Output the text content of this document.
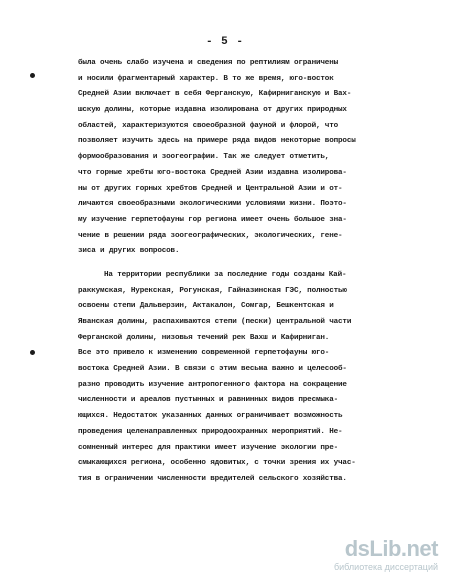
- 5 -
была очень слабо изучена и сведения по рептилиям ограничены
и носили фрагментарный характер. В то же время, юго-восток
Средней Азии включает в себя Ферганскую, Кафирниганскую и Вах-
шскую долины, которые издавна изолирована от других природных
областей, характеризуются своеобразной фауной и флорой, что
позволяет изучить здесь на примере ряда видов некоторые вопросы
формообразования и зоогеографии. Так же следует отметить,
что горные хребты юго-востока Средней Азии издавна изолирова-
ны от других горных хребтов Средней и Центральной Азии и от-
личаются своеобразными экологическими условиями жизни. Поэто-
му изучение герпетофауны гор региона имеет очень большое зна-
чение в решении ряда зоогеографических, экологических, гене-
зиса и других вопросов.
На территории республики за последние годы созданы Кай-
раккумская, Нурекская, Рогунская, Гайназинская ГЭС, полностью
освоены степи Дальверзин, Актакалон, Сомгар, Бешкентская и
Яванская долины, распахиваются степи (пески) центральной части
Ферганской долины, низовья течений рек Вахш и Кафирниган.
Все это привело к изменению современной герпетофауны юго-
востока Средней Азии. В связи с этим весьма важно и целесооб-
разно проводить изучение антропогенного фактора на сокращение
численности и ареалов пустынных и равнинных видов пресмыка-
ющихся. Недостаток указанных данных ограничивает возможность
проведения целенаправленных природоохранных мероприятий. Не-
сомненный интерес для практики имеет изучение экологии пре-
смыкающихся региона, особенно ядовитых, с точки зрения их учас-
тия в ограничении численности вредителей сельского хозяйства.
dsLib.net
библиотека диссертаций
